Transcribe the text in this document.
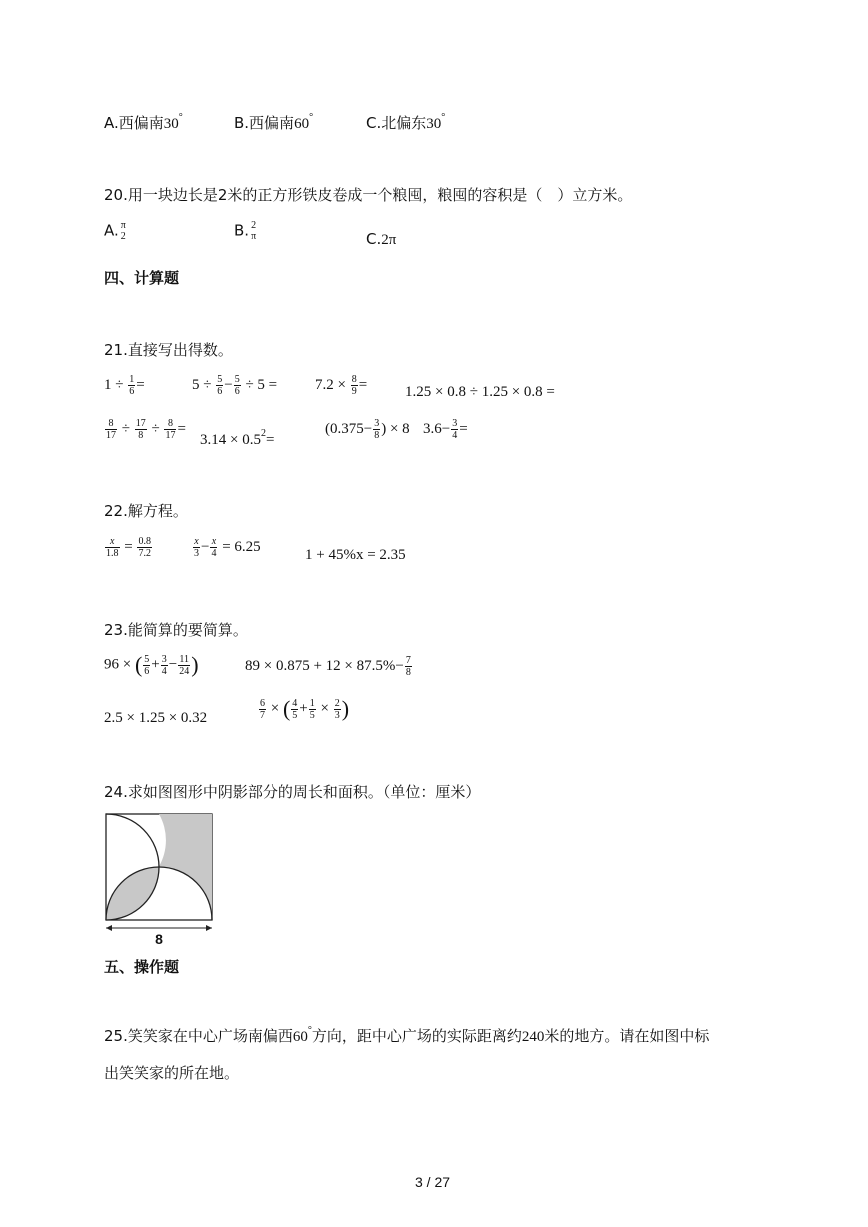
A.西偏南30°	B.西偏南60°	C.北偏东30°
20.用一块边长是2米的正方形铁皮卷成一个粮囤，粮囤的容积是（　）立方米。
A. π
2	B. 2
π	C.2π
四、计算题
21.直接写出得数。
$1 \div \frac{1}{6}$ =	$5 \div \frac{5}{6} - \frac{5}{6} \div 5$ =	$7.2 \times \frac{8}{9}$ =	1.25 × 0.8 ÷ 1.25 × 0.8 =
$\frac{8}{17} \div \frac{17}{8} \div \frac{8}{17}$ =
$3.14 \times 0.5^2=$
($0.375- \frac{3}{8}$ ) × 8 $3.6- \frac{3}{4}$ =
22.解方程。
$\frac{x}{1.8} = \frac{0.8}{7.2}$	$\frac{x}{3} - \frac{x}{4} = 6.25$
1 + 45%x = 2.35
23.能简算的要简算。
96 × ( $\frac{5}{6} + \frac{3}{4} - \frac{11}{24}$ )	$89 \times 0.875 + 12 \times 87.5\%- \frac{7}{8}$
2.5 × 1.25 × 0.32	$\frac{6}{7}$ × ( $\frac{4}{5} + \frac{1}{5} \times \frac{2}{3}$ )
24.求如图图形中阴影部分的周长和面积。（单位：厘米）
8
五、操作题
25.笑笑家在中心广场南偏西60°方向，距中心广场的实际距离约240米的地方。请在如图中标
出笑笑家的所在地。
3 / 27
